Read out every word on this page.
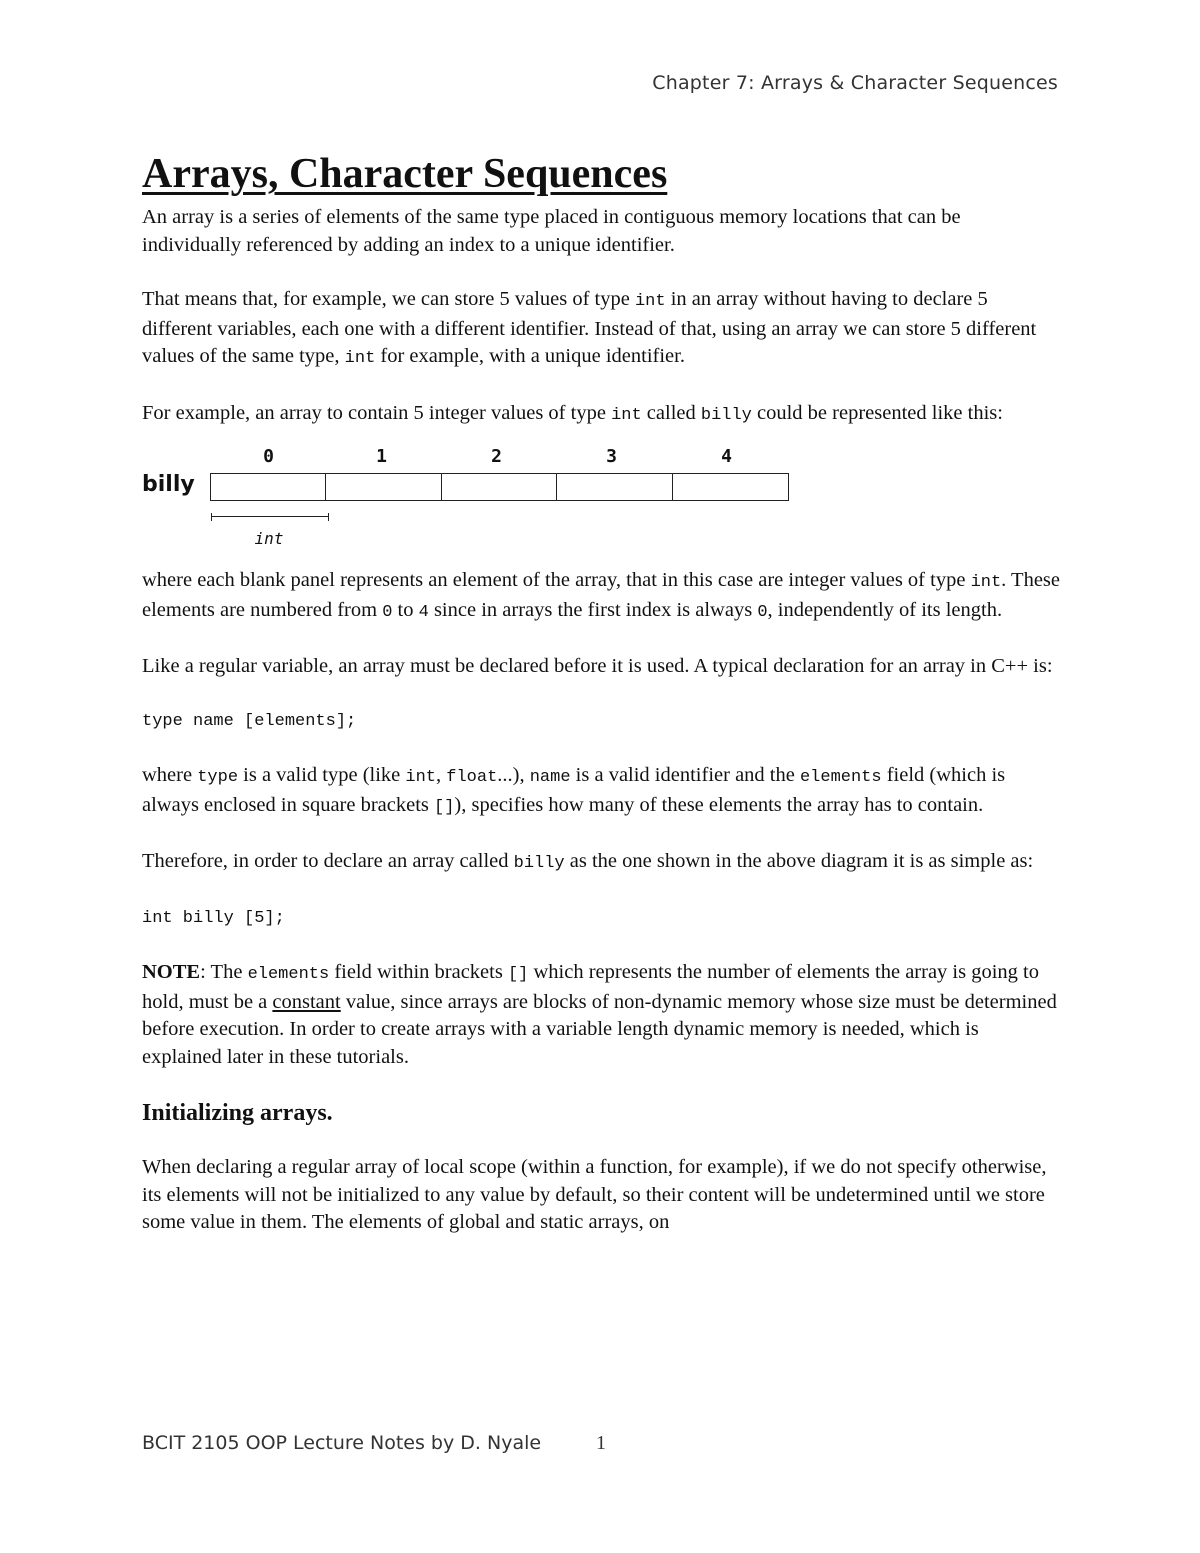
Chapter 7: Arrays & Character Sequences
Arrays, Character Sequences

An array is a series of elements of the same type placed in contiguous memory locations that can be individually referenced by adding an index to a unique identifier.

That means that, for example, we can store 5 values of type int in an array without having to declare 5 different variables, each one with a different identifier. Instead of that, using an array we can store 5 different values of the same type, int for example, with a unique identifier.

For example, an array to contain 5 integer values of type int called billy could be represented like this:

0	1	2	3	4
billy
int

where each blank panel represents an element of the array, that in this case are integer values of type int. These elements are numbered from 0 to 4 since in arrays the first index is always 0, independently of its length.

Like a regular variable, an array must be declared before it is used. A typical declaration for an array in C++ is:

type name [elements];

where type is a valid type (like int, float...), name is a valid identifier and the elements field (which is always enclosed in square brackets []), specifies how many of these elements the array has to contain.

Therefore, in order to declare an array called billy as the one shown in the above diagram it is as simple as:

int billy [5];

NOTE: The elements field within brackets [] which represents the number of elements the array is going to hold, must be a constant value, since arrays are blocks of non-dynamic memory whose size must be determined before execution. In order to create arrays with a variable length dynamic memory is needed, which is explained later in these tutorials.

Initializing arrays.

When declaring a regular array of local scope (within a function, for example), if we do not specify otherwise, its elements will not be initialized to any value by default, so their content will be undetermined until we store some value in them. The elements of global and static arrays, on

BCIT 2105 OOP Lecture Notes by D. Nyale	1
